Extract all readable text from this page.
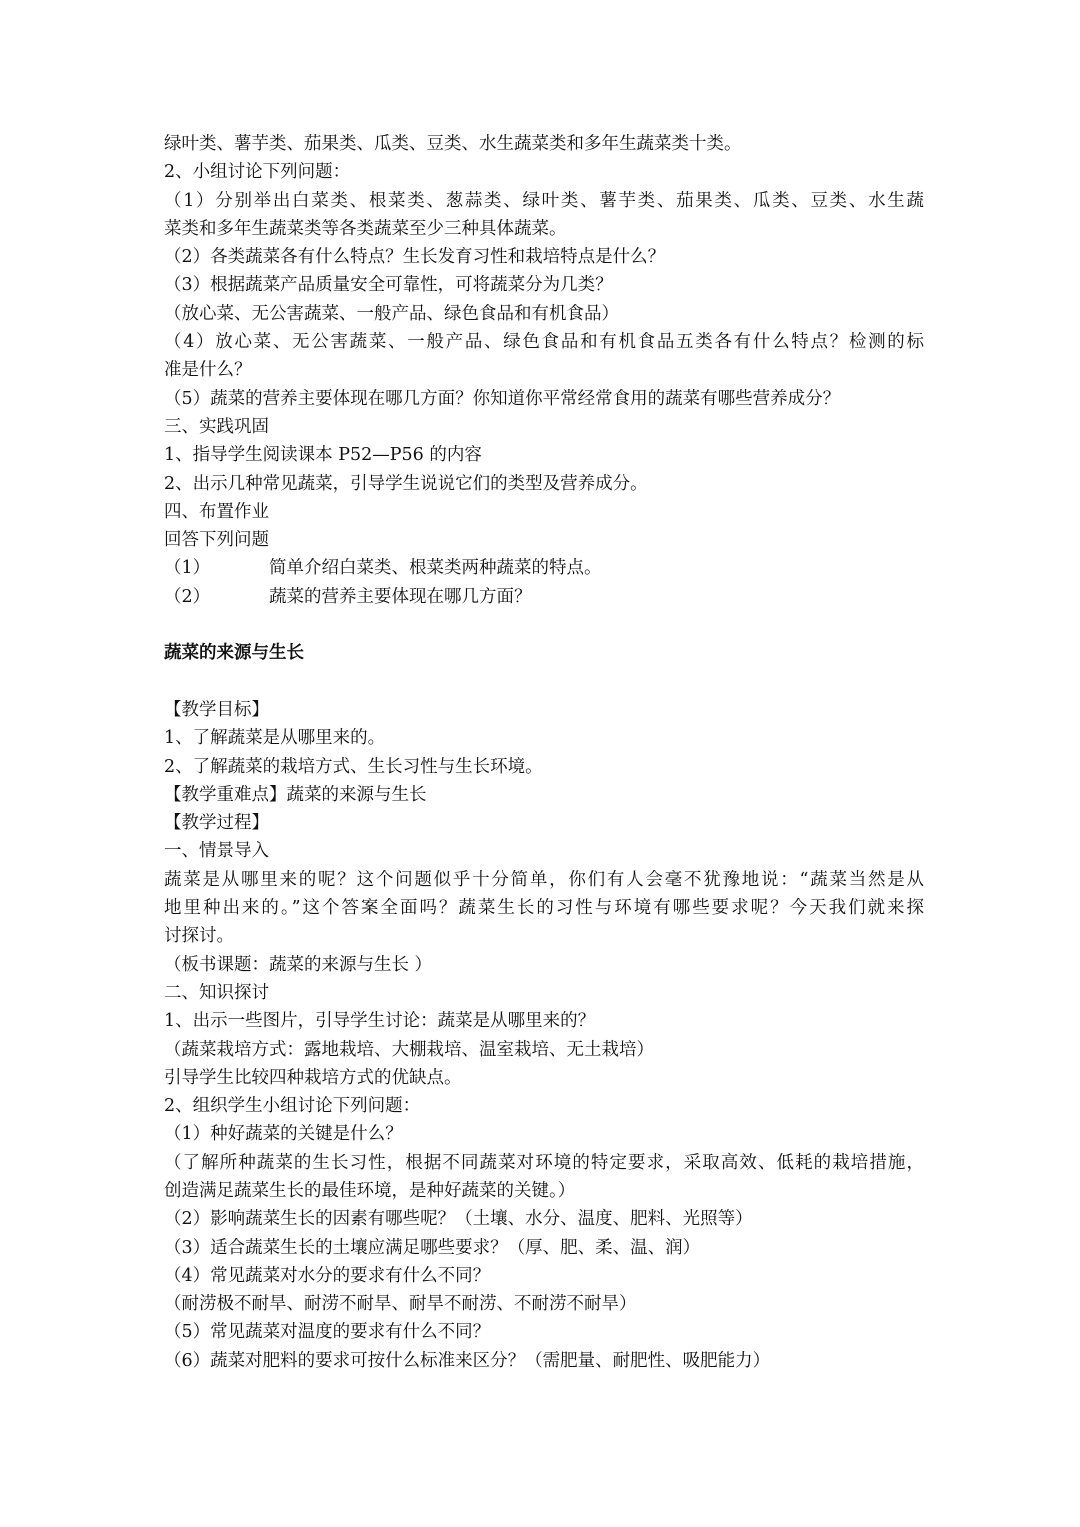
绿叶类、薯芋类、茄果类、瓜类、豆类、水生蔬菜类和多年生蔬菜类十类。
2、小组讨论下列问题：
（1）分别举出白菜类、根菜类、葱蒜类、绿叶类、薯芋类、茄果类、瓜类、豆类、水生蔬
菜类和多年生蔬菜类等各类蔬菜至少三种具体蔬菜。
（2）各类蔬菜各有什么特点？生长发育习性和栽培特点是什么？
（3）根据蔬菜产品质量安全可靠性，可将蔬菜分为几类？
（放心菜、无公害蔬菜、一般产品、绿色食品和有机食品）
（4）放心菜、无公害蔬菜、一般产品、绿色食品和有机食品五类各有什么特点？检测的标
准是什么？
（5）蔬菜的营养主要体现在哪几方面？你知道你平常经常食用的蔬菜有哪些营养成分？
三、实践巩固
1、指导学生阅读课本 P52—P56 的内容
2、出示几种常见蔬菜，引导学生说说它们的类型及营养成分。
四、布置作业
回答下列问题
（1）	简单介绍白菜类、根菜类两种蔬菜的特点。
（2）	蔬菜的营养主要体现在哪几方面？
蔬菜的来源与生长
【教学目标】
1、了解蔬菜是从哪里来的。
2、了解蔬菜的栽培方式、生长习性与生长环境。
【教学重难点】蔬菜的来源与生长
【教学过程】
一、情景导入
蔬菜是从哪里来的呢？这个问题似乎十分简单，你们有人会毫不犹豫地说：“蔬菜当然是从
地里种出来的。”这个答案全面吗？蔬菜生长的习性与环境有哪些要求呢？今天我们就来探
讨探讨。
（板书课题：蔬菜的来源与生长 ）
二、知识探讨
1、出示一些图片，引导学生讨论：蔬菜是从哪里来的？
（蔬菜栽培方式：露地栽培、大棚栽培、温室栽培、无土栽培）
引导学生比较四种栽培方式的优缺点。
2、组织学生小组讨论下列问题：
（1）种好蔬菜的关键是什么？
（了解所种蔬菜的生长习性，根据不同蔬菜对环境的特定要求，采取高效、低耗的栽培措施，
创造满足蔬菜生长的最佳环境，是种好蔬菜的关键。）
（2）影响蔬菜生长的因素有哪些呢？（土壤、水分、温度、肥料、光照等）
（3）适合蔬菜生长的土壤应满足哪些要求？（厚、肥、柔、温、润）
（4）常见蔬菜对水分的要求有什么不同？
（耐涝极不耐旱、耐涝不耐旱、耐旱不耐涝、不耐涝不耐旱）
（5）常见蔬菜对温度的要求有什么不同？
（6）蔬菜对肥料的要求可按什么标准来区分？（需肥量、耐肥性、吸肥能力）
